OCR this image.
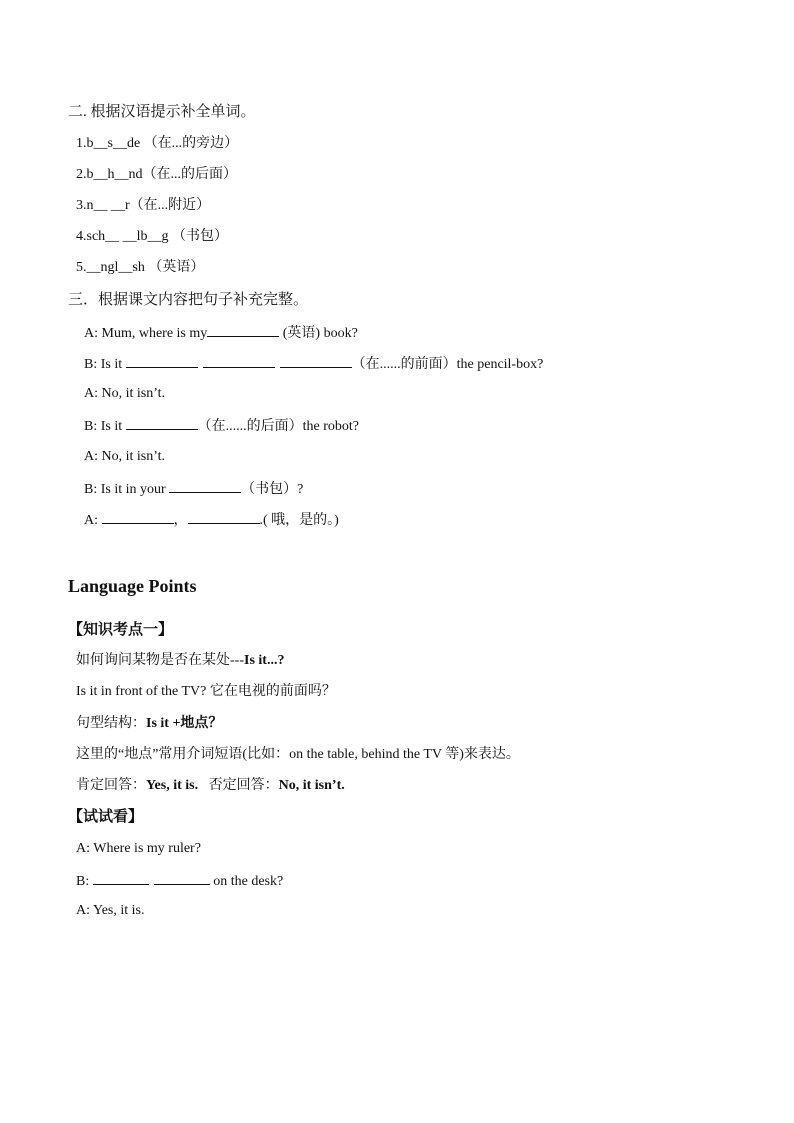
二. 根据汉语提示补全单词。
1.b__s__de （在...的旁边）
2.b__h__nd（在...的后面）
3.n__ __r（在...附近）
4.sch__ __lb__g （书包）
5.__ngl__sh （英语）
三．根据课文内容把句子补充完整。
A: Mum, where is my	(英语) book?
B: Is it	（在......的前面）the pencil-box?
A: No, it isn’t.
B: Is it	（在......的后面）the robot?
A: No, it isn’t.
B: Is it in your	（书包）?
A:	，	.( 哦，是的。)
Language Points
【知识考点一】
如何询问某物是否在某处---Is it...?
Is it in front of the TV? 它在电视的前面吗？
句型结构：Is it +地点？
这里的“地点”常用介词短语(比如：on the table, behind the TV 等)来表达。
肯定回答：Yes, it is.   否定回答：No, it isn’t.
【试试看】
A: Where is my ruler?
B:	on the desk?
A: Yes, it is.
